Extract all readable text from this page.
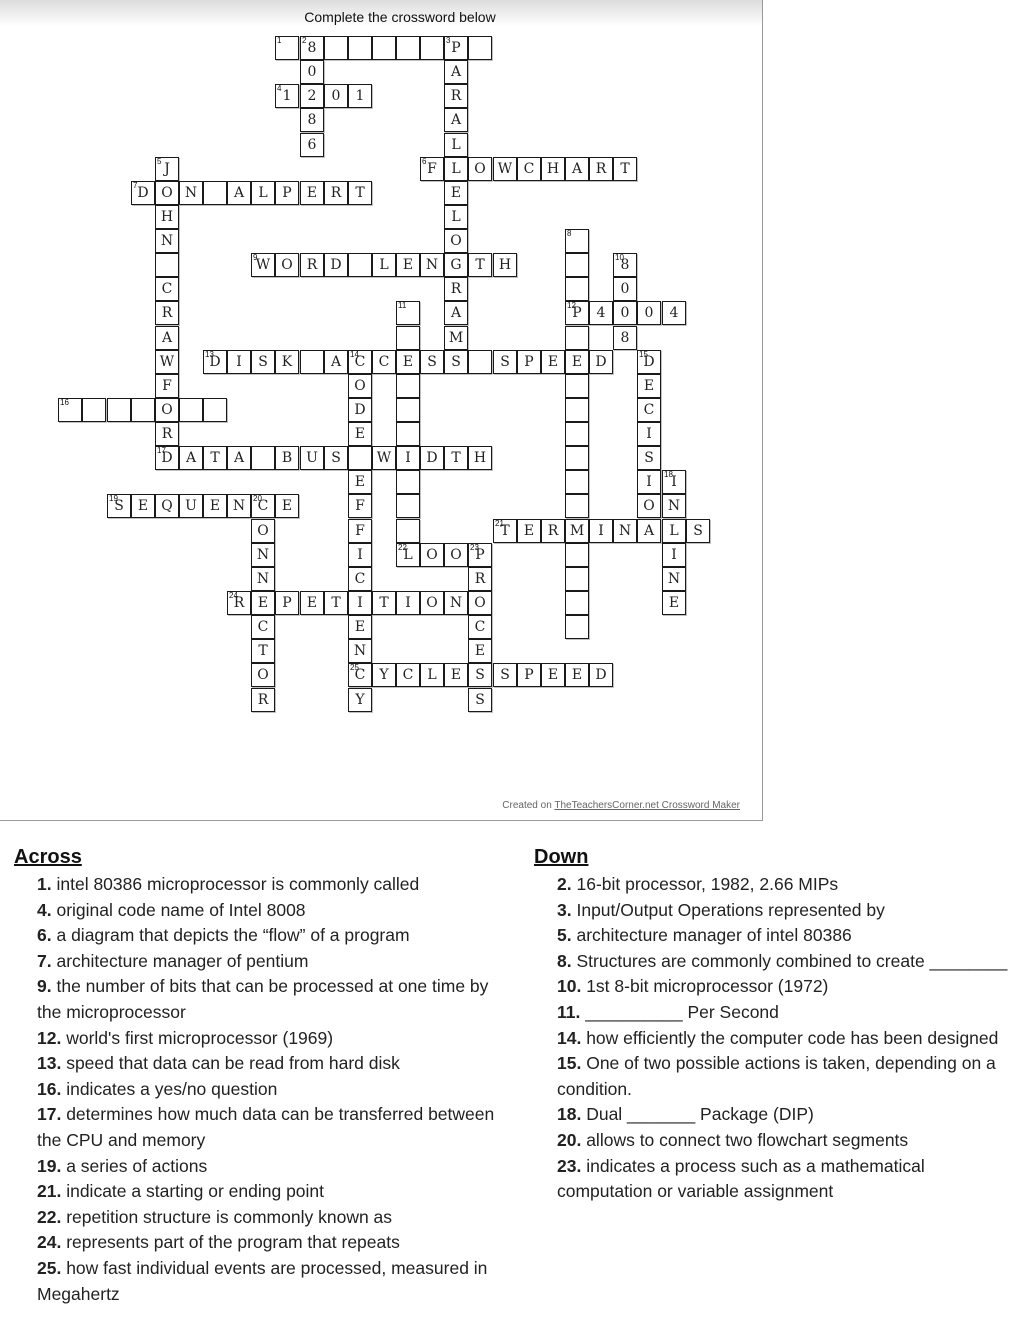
Complete the crossword below
1	2 8	3 P
0	A
4 1	2	0	1	R
8	A
6	L
5 J	6 F	L O W C H A R	T
7 D O N	A	L	P	E R	T	E
H	L
N	O	8
9
W O R D	L	E N G T	H	10
8
C	R	0
R	11	A	12
P	4	0	0	4
A	M	8
W	13
D	I	S K	A	14
C C E	S	S	S	P	E E D	15
D
F	O	E
16	O	D	C
R	E	I
17
D A	T	A	B U S	W	I	D T H	S
E	I	18
I
19
S	E Q U E N 20
C E	F	O N
O	F	21
T	E R M	I	N A	L	S
N	I	22
L O O	23
P	I
N	C	R	N
24
R E	P	E	T	I	T	I	O N O	E
C	E	C
T	N	E
O	25
C	Y	C L	E	S	S	P	E E D
R	Y	S
Created on TheTeachersCorner.net Crossword Maker
Across
1. intel 80386 microprocessor is commonly called
4. original code name of Intel 8008
6. a diagram that depicts the “flow” of a program
7. architecture manager of pentium
9. the number of bits that can be processed at one time by the microprocessor
12. world's first microprocessor (1969)
13. speed that data can be read from hard disk
16. indicates a yes/no question
17. determines how much data can be transferred between the CPU and memory
19. a series of actions
21. indicate a starting or ending point
22. repetition structure is commonly known as
24. represents part of the program that repeats
25. how fast individual events are processed, measured in Megahertz
Down
2. 16-bit processor, 1982, 2.66 MIPs
3. Input/Output Operations represented by
5. architecture manager of intel 80386
8. Structures are commonly combined to create ________
10. 1st 8-bit microprocessor (1972)
11. __________ Per Second
14. how efficiently the computer code has been designed
15. One of two possible actions is taken, depending on a condition.
18. Dual _______ Package (DIP)
20. allows to connect two flowchart segments
23. indicates a process such as a mathematical computation or variable assignment
